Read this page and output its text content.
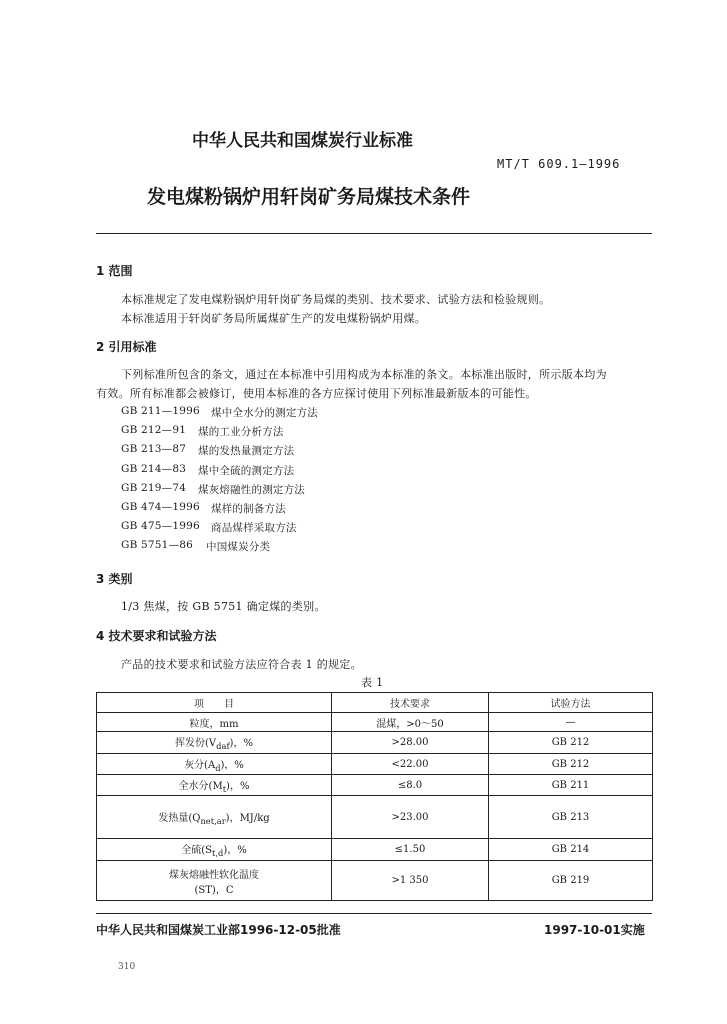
中华人民共和国煤炭行业标准
MT/T 609.1—1996
发电煤粉锅炉用轩岗矿务局煤技术条件
1 范围
本标准规定了发电煤粉锅炉用轩岗矿务局煤的类别、技术要求、试验方法和检验规则。
本标准适用于轩岗矿务局所属煤矿生产的发电煤粉锅炉用煤。
2 引用标准
下列标准所包含的条文，通过在本标准中引用构成为本标准的条文。本标准出版时，所示版本均为
有效。所有标准都会被修订，使用本标准的各方应探讨使用下列标准最新版本的可能性。
GB 211—1996 煤中全水分的测定方法
GB 212—91 煤的工业分析方法
GB 213—87 煤的发热量测定方法
GB 214—83 煤中全硫的测定方法
GB 219—74 煤灰熔融性的测定方法
GB 474—1996 煤样的制备方法
GB 475—1996 商品煤样采取方法
GB 5751—86 中国煤炭分类
3 类别
1/3 焦煤，按 GB 5751 确定煤的类别。
4 技术要求和试验方法
产品的技术要求和试验方法应符合表 1 的规定。
表 1
项　　目	技术要求	试验方法
粒度，mm	混煤，>0～50	—
挥发份$(V_{daf})$，%	>28.00	GB 212
灰分$(A_d)$，%	<22.00	GB 212
全水分$(M_t)$，%	≤8.0	GB 211
发热量$(Q_{net,ar})$，MJ/kg	>23.00	GB 213
全硫$(S_{t,d})$，%	≤1.50	GB 214
煤灰熔融性软化温度
(ST)，C	>1 350	GB 219
中华人民共和国煤炭工业部1996-12-05批准	1997-10-01实施
310
